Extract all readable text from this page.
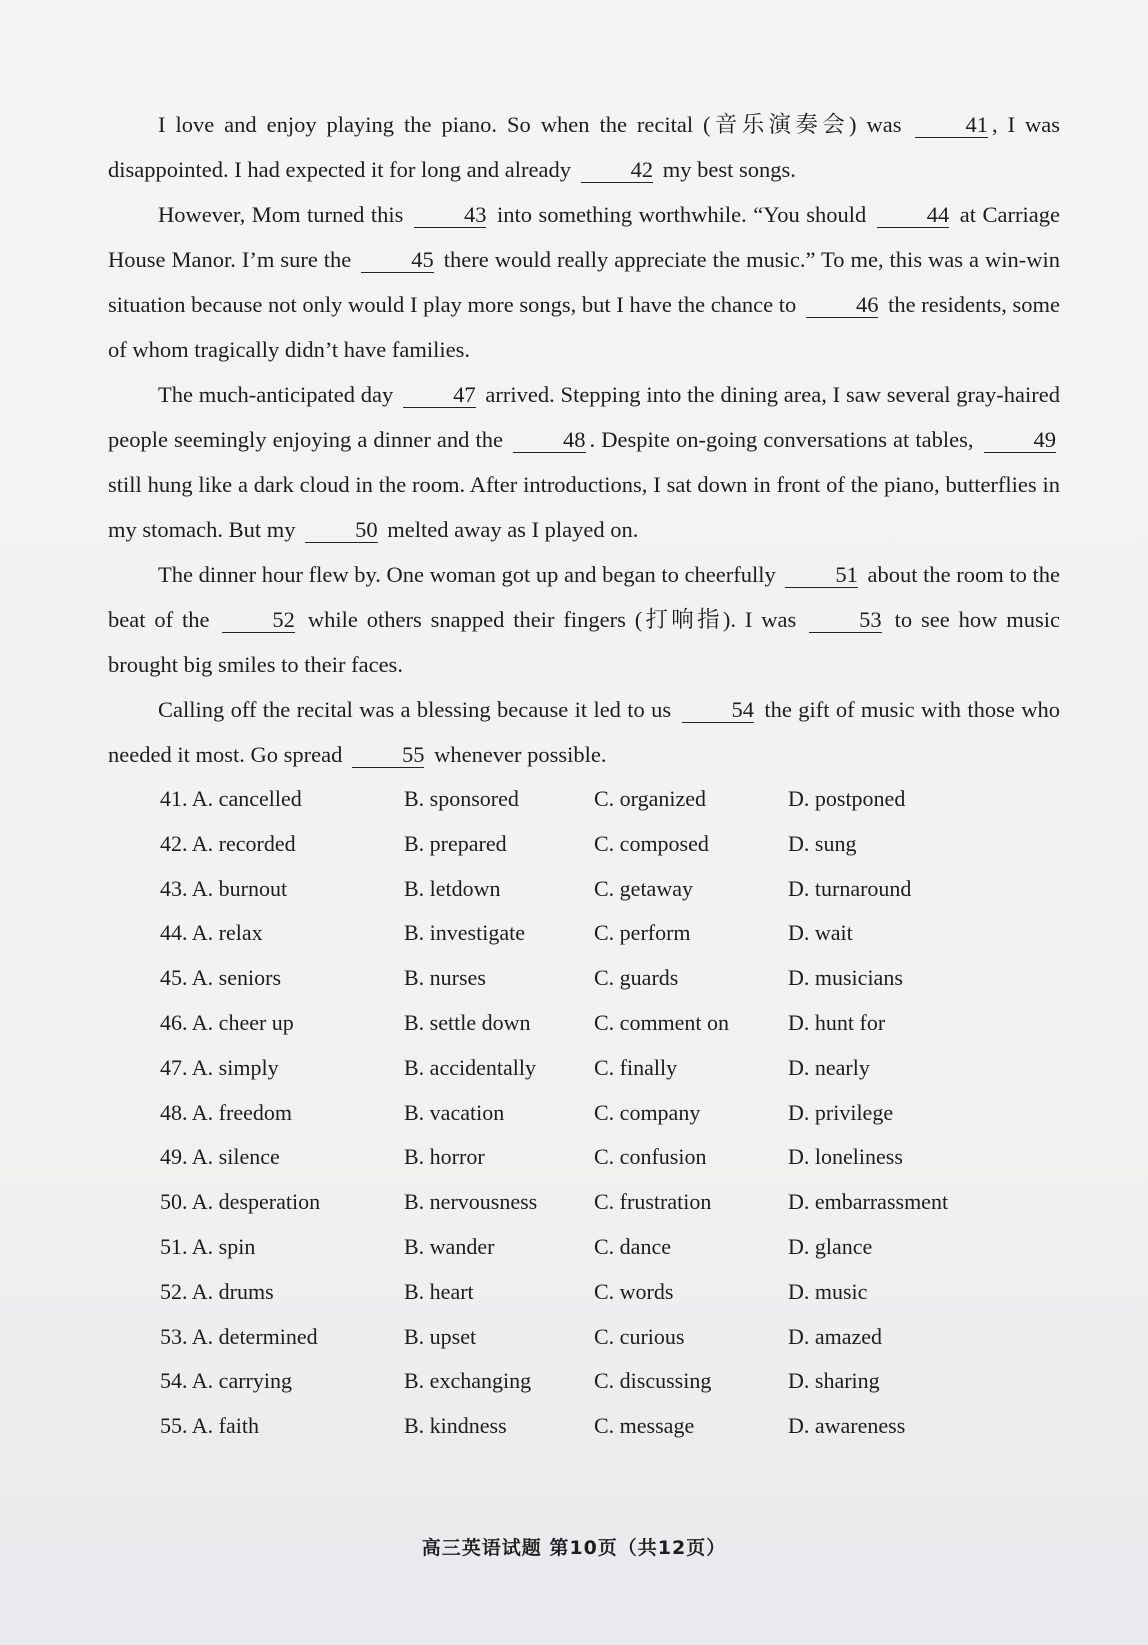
I love and enjoy playing the piano. So when the recital (音乐演奏会) was	41 , I was disappointed. I had expected it for long and already	42 my best songs.

However, Mom turned this	43 into something worthwhile. “You should	44 at Carriage House Manor. I’m sure the	45 there would really appreciate the music.” To me, this was a win-win situation because not only would I play more songs, but I have the chance to	46 the residents, some of whom tragically didn’t have families.

The much-anticipated day	47 arrived. Stepping into the dining area, I saw several gray-haired people seemingly enjoying a dinner and the	48 . Despite on-going conversations at tables,	49 still hung like a dark cloud in the room. After introductions, I sat down in front of the piano, butterflies in my stomach. But my	50 melted away as I played on.

The dinner hour flew by. One woman got up and began to cheerfully	51 about the room to the beat of the	52 while others snapped their fingers (打响指). I was	53 to see how music brought big smiles to their faces.

Calling off the recital was a blessing because it led to us	54 the gift of music with those who needed it most. Go spread	55 whenever possible.

41. A. cancelled	B. sponsored	C. organized	D. postponed
42. A. recorded	B. prepared	C. composed	D. sung
43. A. burnout	B. letdown	C. getaway	D. turnaround
44. A. relax	B. investigate	C. perform	D. wait
45. A. seniors	B. nurses	C. guards	D. musicians
46. A. cheer up	B. settle down	C. comment on	D. hunt for
47. A. simply	B. accidentally	C. finally	D. nearly
48. A. freedom	B. vacation	C. company	D. privilege
49. A. silence	B. horror	C. confusion	D. loneliness
50. A. desperation	B. nervousness	C. frustration	D. embarrassment
51. A. spin	B. wander	C. dance	D. glance
52. A. drums	B. heart	C. words	D. music
53. A. determined	B. upset	C. curious	D. amazed
54. A. carrying	B. exchanging	C. discussing	D. sharing
55. A. faith	B. kindness	C. message	D. awareness
高三英语试题 第10页（共12页）
